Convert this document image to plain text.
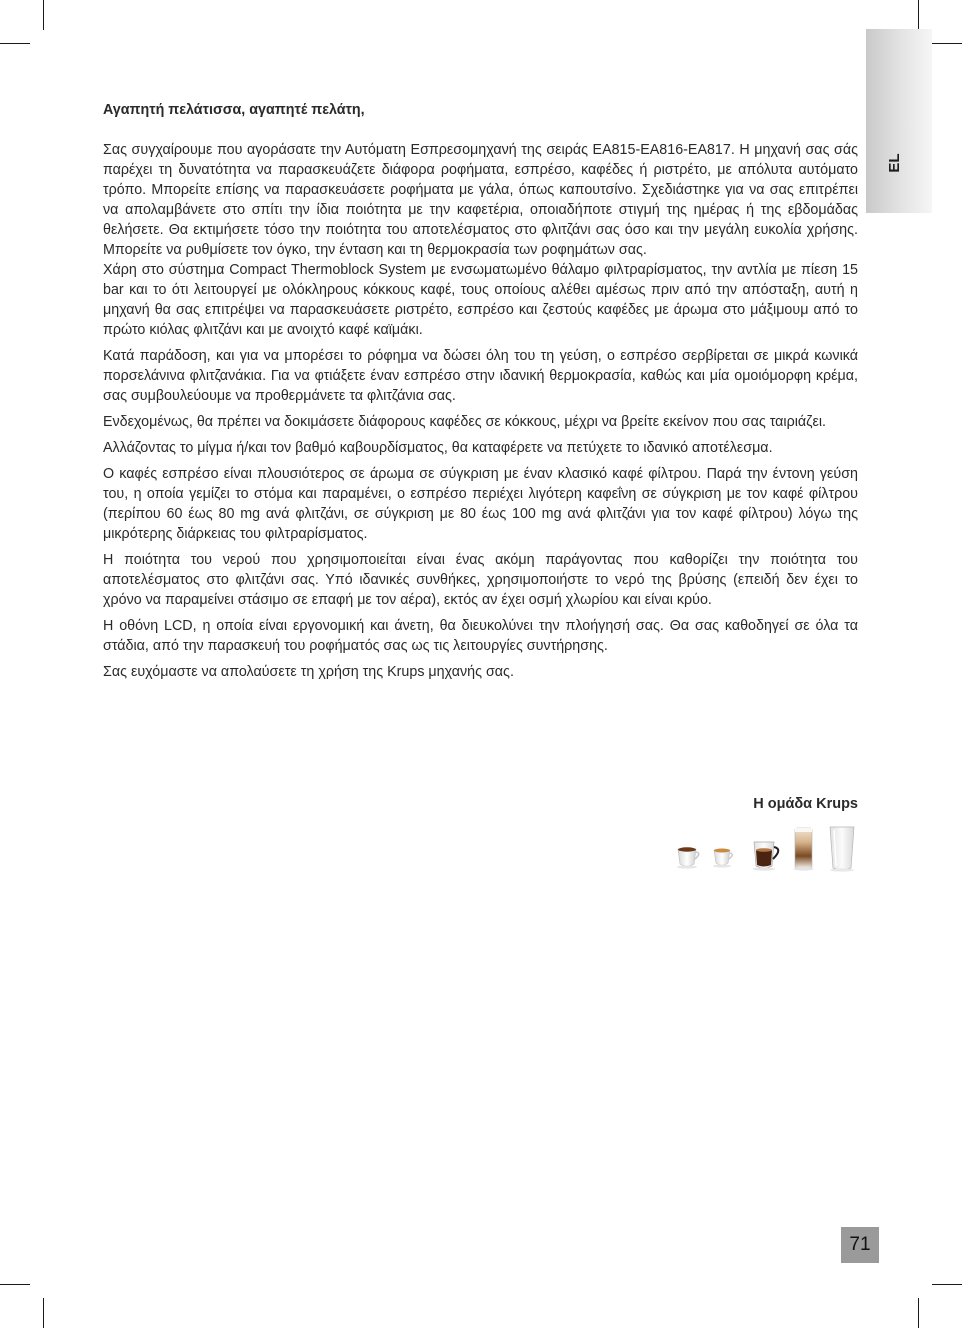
EL
Αγαπητή πελάτισσα, αγαπητέ πελάτη,

Σας συγχαίρουμε που αγοράσατε την Αυτόματη Εσπρεσομηχανή της σειράς EA815-EA816-EA817. Η μηχανή σας σάς παρέχει τη δυνατότητα να παρασκευάζετε διάφορα ροφήματα, εσπρέσο, καφέδες ή ριστρέτο, με απόλυτα αυτόματο τρόπο. Μπορείτε επίσης να παρασκευάσετε ροφήματα με γάλα, όπως καπουτσίνο. Σχεδιάστηκε για να σας επιτρέπει να απολαμβάνετε στο σπίτι την ίδια ποιότητα με την καφετέρια, οποιαδήποτε στιγμή της ημέρας ή της εβδομάδας θελήσετε. Θα εκτιμήσετε τόσο την ποιότητα του αποτελέσματος στο φλιτζάνι σας όσο και την μεγάλη ευκολία χρήσης. Μπορείτε να ρυθμίσετε τον όγκο, την ένταση και τη θερμοκρασία των ροφημάτων σας.

Χάρη στο σύστημα Compact Thermoblock System με ενσωματωμένο θάλαμο φιλτραρίσματος, την αντλία με πίεση 15 bar και το ότι λειτουργεί με ολόκληρους κόκκους καφέ, τους οποίους αλέθει αμέσως πριν από την απόσταξη, αυτή η μηχανή θα σας επιτρέψει να παρασκευάσετε ριστρέτο, εσπρέσο και ζεστούς καφέδες με άρωμα στο μάξιμουμ από το πρώτο κιόλας φλιτζάνι και με ανοιχτό καφέ καϊμάκι.

Κατά παράδοση, και για να μπορέσει το ρόφημα να δώσει όλη του τη γεύση, ο εσπρέσο σερβίρεται σε μικρά κωνικά πορσελάνινα φλιτζανάκια. Για να φτιάξετε έναν εσπρέσο στην ιδανική θερμοκρασία, καθώς και μία ομοιόμορφη κρέμα, σας συμβουλεύουμε να προθερμάνετε τα φλιτζάνια σας.

Ενδεχομένως, θα πρέπει να δοκιμάσετε διάφορους καφέδες σε κόκκους, μέχρι να βρείτε εκείνον που σας ταιριάζει.

Αλλάζοντας το μίγμα ή/και τον βαθμό καβουρδίσματος, θα καταφέρετε να πετύχετε το ιδανικό αποτέλεσμα.

Ο καφές εσπρέσο είναι πλουσιότερος σε άρωμα σε σύγκριση με έναν κλασικό καφέ φίλτρου. Παρά την έντονη γεύση του, η οποία γεμίζει το στόμα και παραμένει, ο εσπρέσο περιέχει λιγότερη καφεΐνη σε σύγκριση με τον καφέ φίλτρου (περίπου 60 έως 80 mg ανά φλιτζάνι, σε σύγκριση με 80 έως 100 mg ανά φλιτζάνι για τον καφέ φίλτρου) λόγω της μικρότερης διάρκειας του φιλτραρίσματος.

Η ποιότητα του νερού που χρησιμοποιείται είναι ένας ακόμη παράγοντας που καθορίζει την ποιότητα του αποτελέσματος στο φλιτζάνι σας. Υπό ιδανικές συνθήκες, χρησιμοποιήστε το νερό της βρύσης (επειδή δεν έχει το χρόνο να παραμείνει στάσιμο σε επαφή με τον αέρα), εκτός αν έχει οσμή χλωρίου και είναι κρύο.

Η οθόνη LCD, η οποία είναι εργονομική και άνετη, θα διευκολύνει την πλοήγησή σας. Θα σας καθοδηγεί σε όλα τα στάδια, από την παρασκευή του ροφήματός σας ως τις λειτουργίες συντήρησης.

Σας ευχόμαστε να απολαύσετε τη χρήση της Krups μηχανής σας.

Η ομάδα Krups
71
